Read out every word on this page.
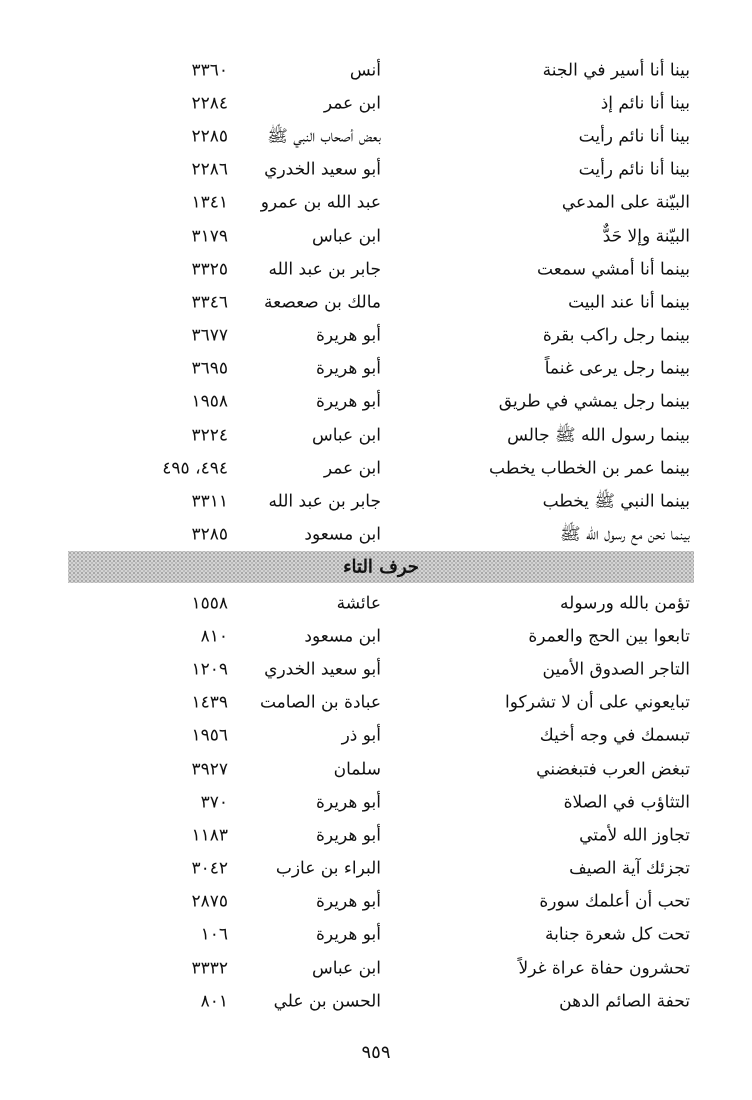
بينا أنا أسير في الجنة
أنس
٣٣٦٠
بينا أنا نائم إذ
ابن عمر
٢٢٨٤
بينا أنا نائم رأيت
بعض أصحاب النبي ﷺ
٢٢٨٥
بينا أنا نائم رأيت
أبو سعيد الخدري
٢٢٨٦
البيّنة على المدعي
عبد الله بن عمرو
١٣٤١
البيّنة وإلا حَدٌّ
ابن عباس
٣١٧٩
بينما أنا أمشي سمعت
جابر بن عبد الله
٣٣٢٥
بينما أنا عند البيت
مالك بن صعصعة
٣٣٤٦
بينما رجل راكب بقرة
أبو هريرة
٣٦٧٧
بينما رجل يرعى غنماً
أبو هريرة
٣٦٩٥
بينما رجل يمشي في طريق
أبو هريرة
١٩٥٨
بينما رسول الله ﷺ جالس
ابن عباس
٣٢٢٤
بينما عمر بن الخطاب يخطب
ابن عمر
٤٩٤، ٤٩٥
بينما النبي ﷺ يخطب
جابر بن عبد الله
٣٣١١
بينما نحن مع رسول الله ﷺ
ابن مسعود
٣٢٨٥
حرف التاء
تؤمن بالله ورسوله
عائشة
١٥٥٨
تابعوا بين الحج والعمرة
ابن مسعود
٨١٠
التاجر الصدوق الأمين
أبو سعيد الخدري
١٢٠٩
تبايعوني على أن لا تشركوا
عبادة بن الصامت
١٤٣٩
تبسمك في وجه أخيك
أبو ذر
١٩٥٦
تبغض العرب فتبغضني
سلمان
٣٩٢٧
التثاؤب في الصلاة
أبو هريرة
٣٧٠
تجاوز الله لأمتي
أبو هريرة
١١٨٣
تجزئك آية الصيف
البراء بن عازب
٣٠٤٢
تحب أن أعلمك سورة
أبو هريرة
٢٨٧٥
تحت كل شعرة جنابة
أبو هريرة
١٠٦
تحشرون حفاة عراة غرلاً
ابن عباس
٣٣٣٢
تحفة الصائم الدهن
الحسن بن علي
٨٠١
٩٥٩
